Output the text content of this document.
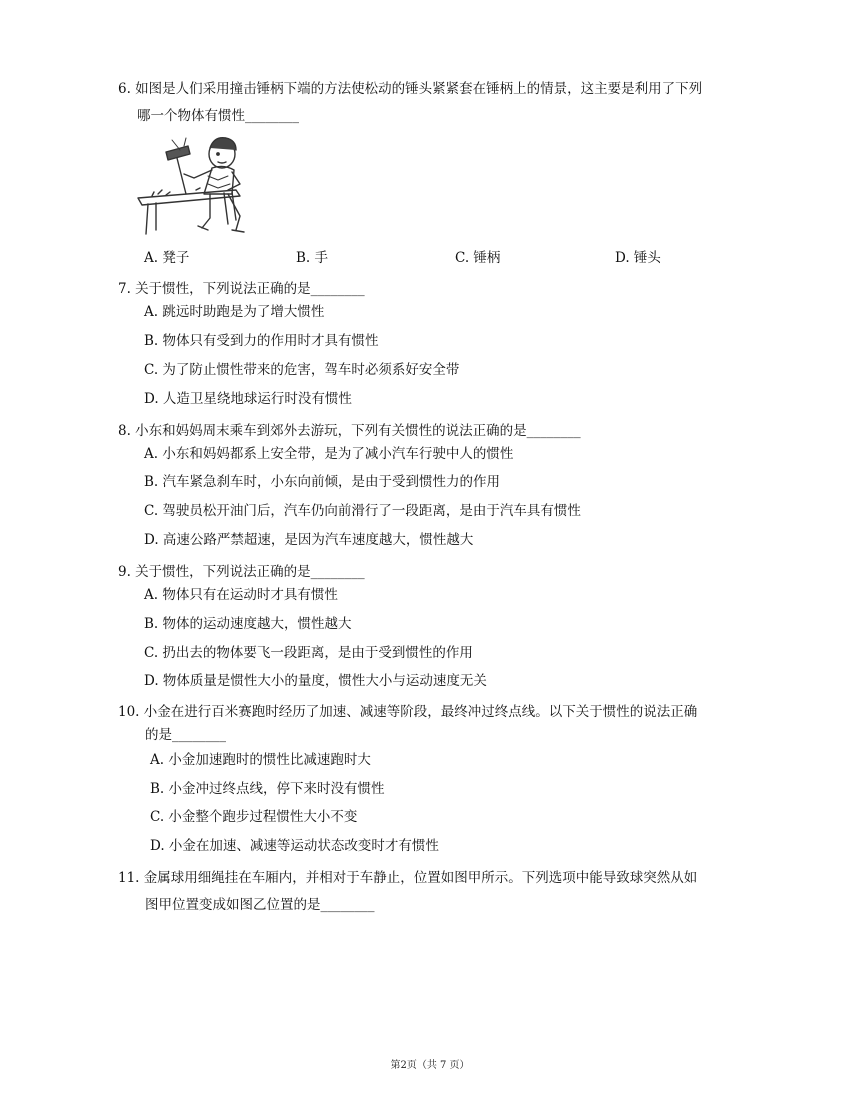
6. 如图是人们采用撞击锤柄下端的方法使松动的锤头紧紧套在锤柄上的情景，这主要是利用了下列
哪一个物体有惯性________
A. 凳子	B. 手	C. 锤柄	D. 锤头
7. 关于惯性，下列说法正确的是________
A. 跳远时助跑是为了增大惯性
B. 物体只有受到力的作用时才具有惯性
C. 为了防止惯性带来的危害，驾车时必须系好安全带
D. 人造卫星绕地球运行时没有惯性
8. 小东和妈妈周末乘车到郊外去游玩，下列有关惯性的说法正确的是________
A. 小东和妈妈都系上安全带，是为了减小汽车行驶中人的惯性
B. 汽车紧急刹车时，小东向前倾，是由于受到惯性力的作用
C. 驾驶员松开油门后，汽车仍向前滑行了一段距离，是由于汽车具有惯性
D. 高速公路严禁超速，是因为汽车速度越大，惯性越大
9. 关于惯性，下列说法正确的是________
A. 物体只有在运动时才具有惯性
B. 物体的运动速度越大，惯性越大
C. 扔出去的物体要飞一段距离，是由于受到惯性的作用
D. 物体质量是惯性大小的量度，惯性大小与运动速度无关
10. 小金在进行百米赛跑时经历了加速、减速等阶段，最终冲过终点线。以下关于惯性的说法正确
的是________
A. 小金加速跑时的惯性比减速跑时大
B. 小金冲过终点线，停下来时没有惯性
C. 小金整个跑步过程惯性大小不变
D. 小金在加速、减速等运动状态改变时才有惯性
11. 金属球用细绳挂在车厢内，并相对于车静止，位置如图甲所示。下列选项中能导致球突然从如
图甲位置变成如图乙位置的是________
第2页（共 7 页）
